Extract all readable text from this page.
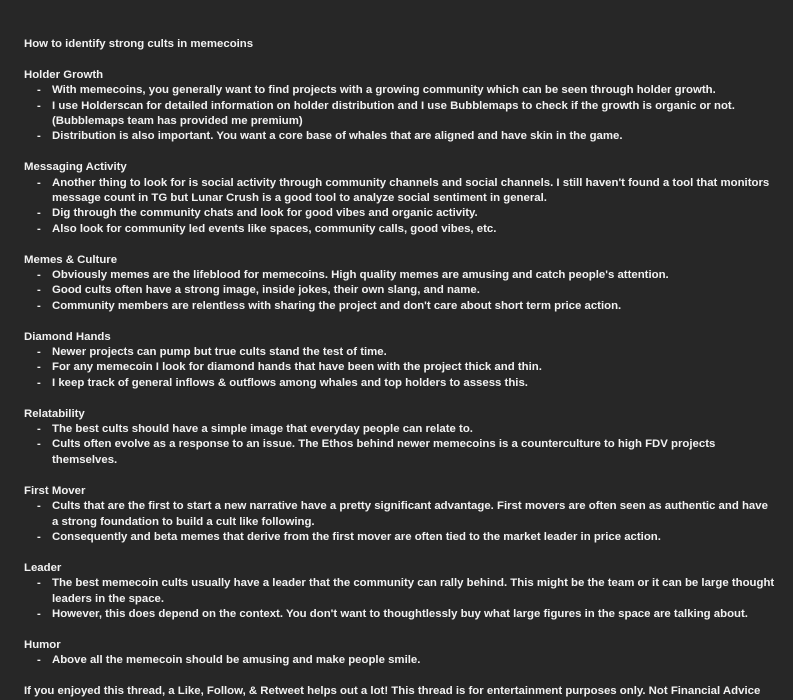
How to identify strong cults in memecoins
Holder Growth
- With memecoins, you generally want to find projects with a growing community which can be seen through holder growth.
- I use Holderscan for detailed information on holder distribution and I use Bubblemaps to check if the growth is organic or not. (Bubblemaps team has provided me premium)
- Distribution is also important. You want a core base of whales that are aligned and have skin in the game.
Messaging Activity
- Another thing to look for is social activity through community channels and social channels. I still haven't found a tool that monitors message count in TG but Lunar Crush is a good tool to analyze social sentiment in general.
- Dig through the community chats and look for good vibes and organic activity.
- Also look for community led events like spaces, community calls, good vibes, etc.
Memes & Culture
- Obviously memes are the lifeblood for memecoins. High quality memes are amusing and catch people's attention.
- Good cults often have a strong image, inside jokes, their own slang, and name.
- Community members are relentless with sharing the project and don't care about short term price action.
Diamond Hands
- Newer projects can pump but true cults stand the test of time.
- For any memecoin I look for diamond hands that have been with the project thick and thin.
- I keep track of general inflows & outflows among whales and top holders to assess this.
Relatability
- The best cults should have a simple image that everyday people can relate to.
- Cults often evolve as a response to an issue. The Ethos behind newer memecoins is a counterculture to high FDV projects themselves.
First Mover
- Cults that are the first to start a new narrative have a pretty significant advantage. First movers are often seen as authentic and have a strong foundation to build a cult like following.
- Consequently and beta memes that derive from the first mover are often tied to the market leader in price action.
Leader
- The best memecoin cults usually have a leader that the community can rally behind. This might be the team or it can be large thought leaders in the space.
- However, this does depend on the context. You don't want to thoughtlessly buy what large figures in the space are talking about.
Humor
- Above all the memecoin should be amusing and make people smile.
If you enjoyed this thread, a Like, Follow, & Retweet helps out a lot! This thread is for entertainment purposes only. Not Financial Advice
